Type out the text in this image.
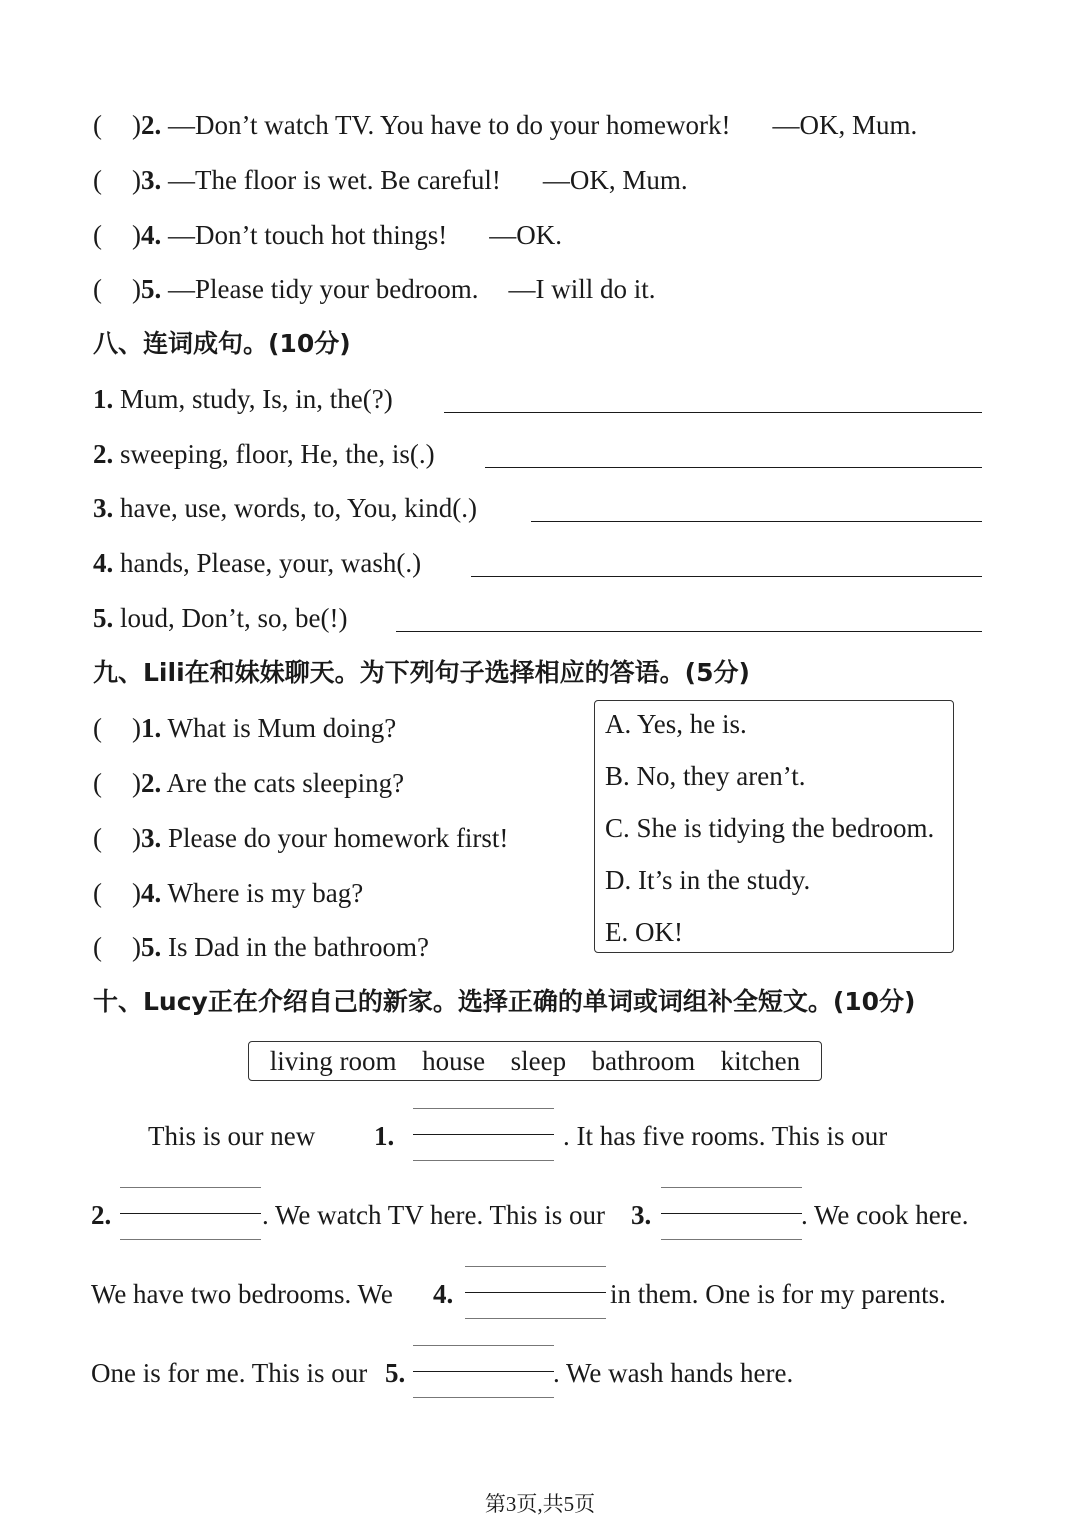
( )2. —Don’t watch TV. You have to do your homework! —OK, Mum.
( )3. —The floor is wet. Be careful! —OK, Mum.
( )4. —Don’t touch hot things! —OK.
( )5. —Please tidy your bedroom. —I will do it.
八、连词成句。(10分)
1. Mum, study, Is, in, the(?)
2. sweeping, floor, He, the, is(.)
3. have, use, words, to, You, kind(.)
4. hands, Please, your, wash(.)
5. loud, Don’t, so, be(!)
九、Lili在和妹妹聊天。为下列句子选择相应的答语。(5分)
( )1. What is Mum doing?
( )2. Are the cats sleeping?
( )3. Please do your homework first!
( )4. Where is my bag?
( )5. Is Dad in the bathroom?
A. Yes, he is.
B. No, they aren’t.
C. She is tidying the bedroom.
D. It’s in the study.
E. OK!
十、Lucy正在介绍自己的新家。选择正确的单词或词组补全短文。(10分)
living room house sleep bathroom kitchen
This is our new 1.	. It has five rooms. This is our
2.	. We watch TV here. This is our 3.	. We cook here.
We have two bedrooms. We 4.	in them. One is for my parents.
One is for me. This is our 5.	. We wash hands here.
第3页,共5页
